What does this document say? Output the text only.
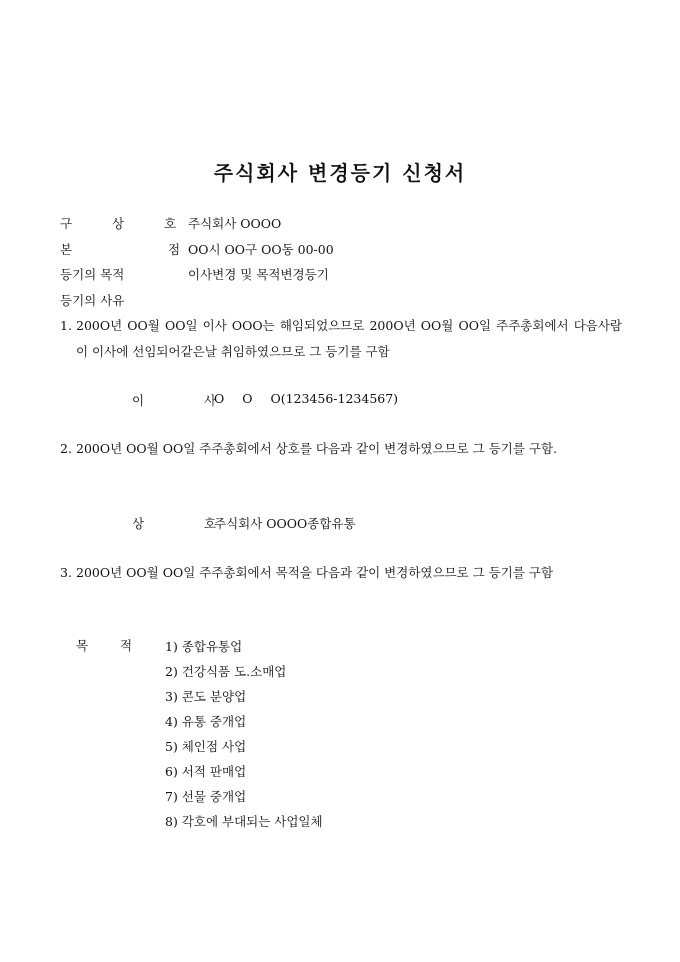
주식회사 변경등기 신청서
구 상 호
주식회사 OOOO
본 점
OO시 OO구 OO동 00-00
등기의 목적	이사변경 및 목적변경등기
등기의 사유
1. 200O년 OO월 OO일 이사 OOO는 해임되었으므로 200O년 OO월 OO일 주주총회에서 다음사람이 이사에 선임되어같은날 취임하였으므로 그 등기를 구함
이 사
O O O(123456-1234567)
2. 200O년 OO월 OO일 주주총회에서 상호를 다음과 같이 변경하였으므로 그 등기를 구함.
상 호
주식회사 OOOO종합유통
3. 200O년 OO월 OO일 주주총회에서 목적을 다음과 같이 변경하였으므로 그 등기를 구함
목 적 1) 종합유통업
2) 건강식품 도.소매업
3) 콘도 분양업
4) 유통 중개업
5) 체인점 사업
6) 서적 판매업
7) 선물 중개업
8) 각호에 부대되는 사업일체
